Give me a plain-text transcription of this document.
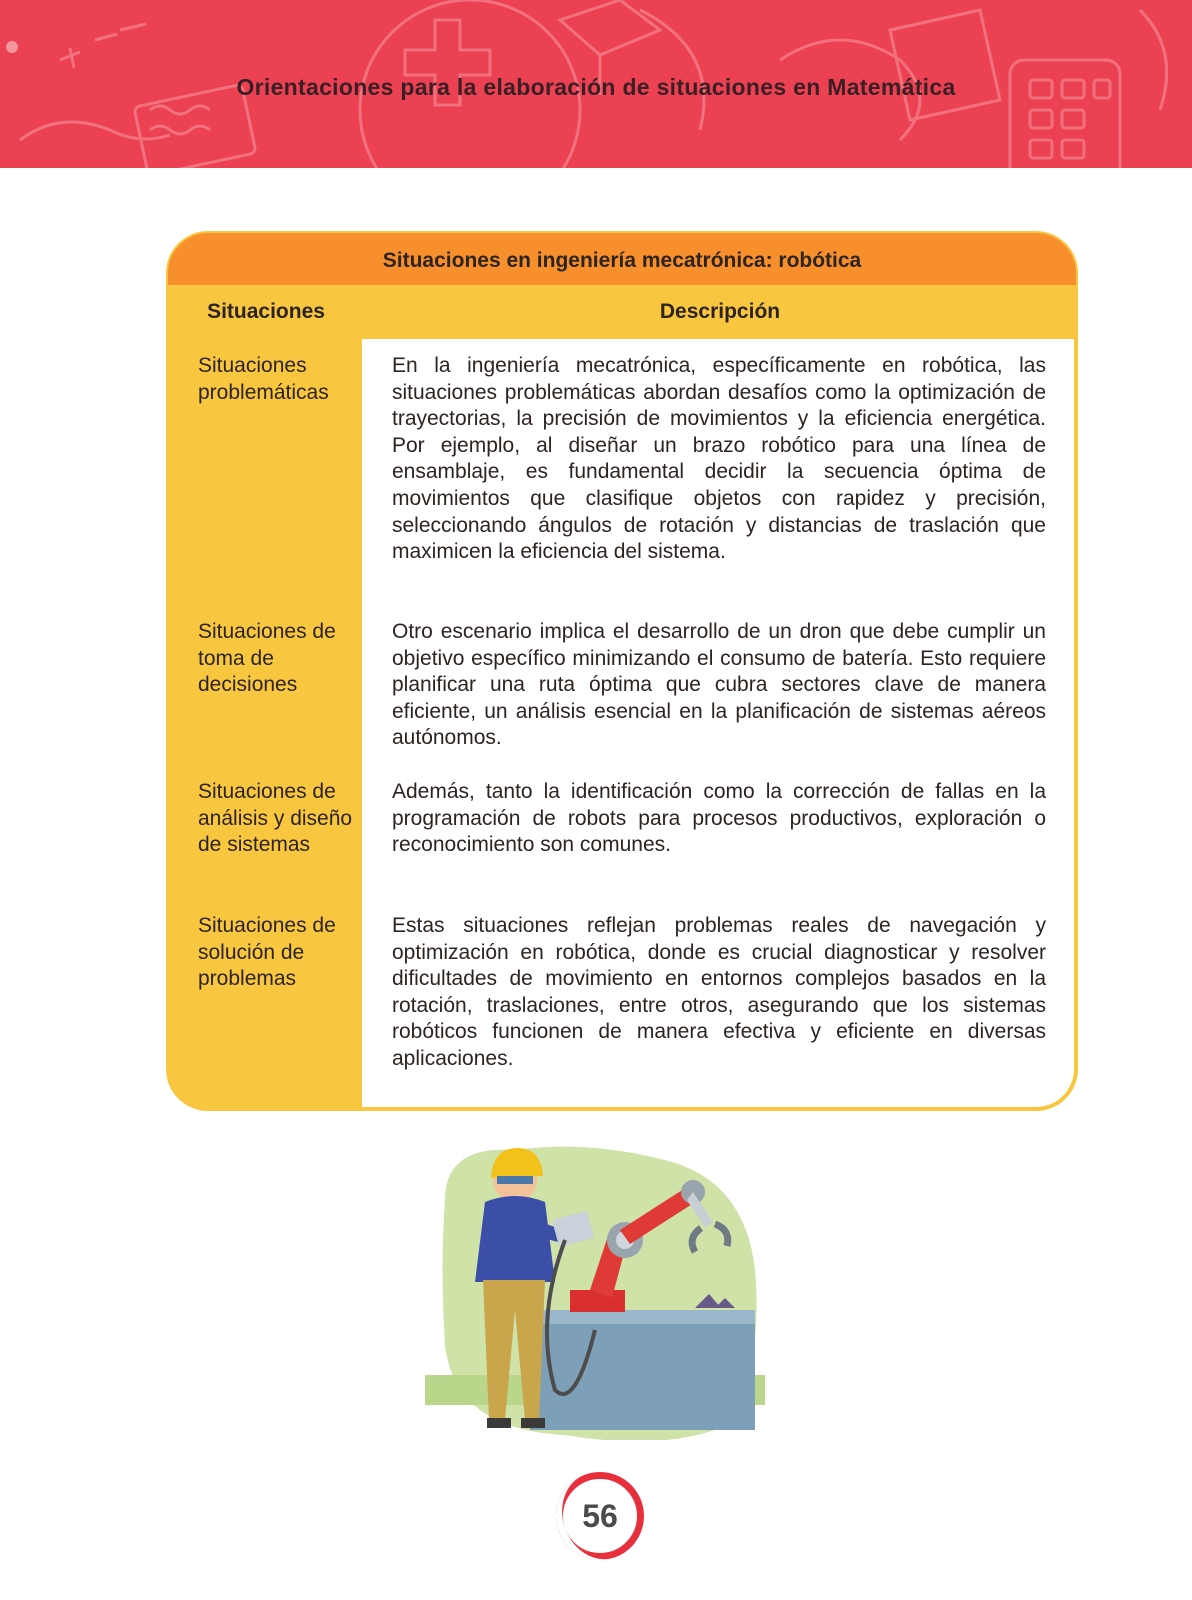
Orientaciones para la elaboración de situaciones en Matemática
Situaciones en ingeniería mecatrónica: robótica
Situaciones	Descripción
Situaciones problemáticas
En la ingeniería mecatrónica, específicamente en robótica, las situaciones problemáticas abordan desafíos como la optimización de trayectorias, la precisión de movimientos y la eficiencia energética. Por ejemplo, al diseñar un brazo robótico para una línea de ensamblaje, es fundamental decidir la secuencia óptima de movimientos que clasifique objetos con rapidez y precisión, seleccionando ángulos de rotación y distancias de traslación que maximicen la eficiencia del sistema.
Situaciones de toma de decisiones
Otro escenario implica el desarrollo de un dron que debe cumplir un objetivo específico minimizando el consumo de batería. Esto requiere planificar una ruta óptima que cubra sectores clave de manera eficiente, un análisis esencial en la planificación de sistemas aéreos autónomos.
Situaciones de análisis y diseño de sistemas
Además, tanto la identificación como la corrección de fallas en la programación de robots para procesos productivos, exploración o reconocimiento son comunes.
Situaciones de solución de problemas
Estas situaciones reflejan problemas reales de navegación y optimización en robótica, donde es crucial diagnosticar y resolver dificultades de movimiento en entornos complejos basados en la rotación, traslaciones, entre otros, asegurando que los sistemas robóticos funcionen de manera efectiva y eficiente en diversas aplicaciones.
56
